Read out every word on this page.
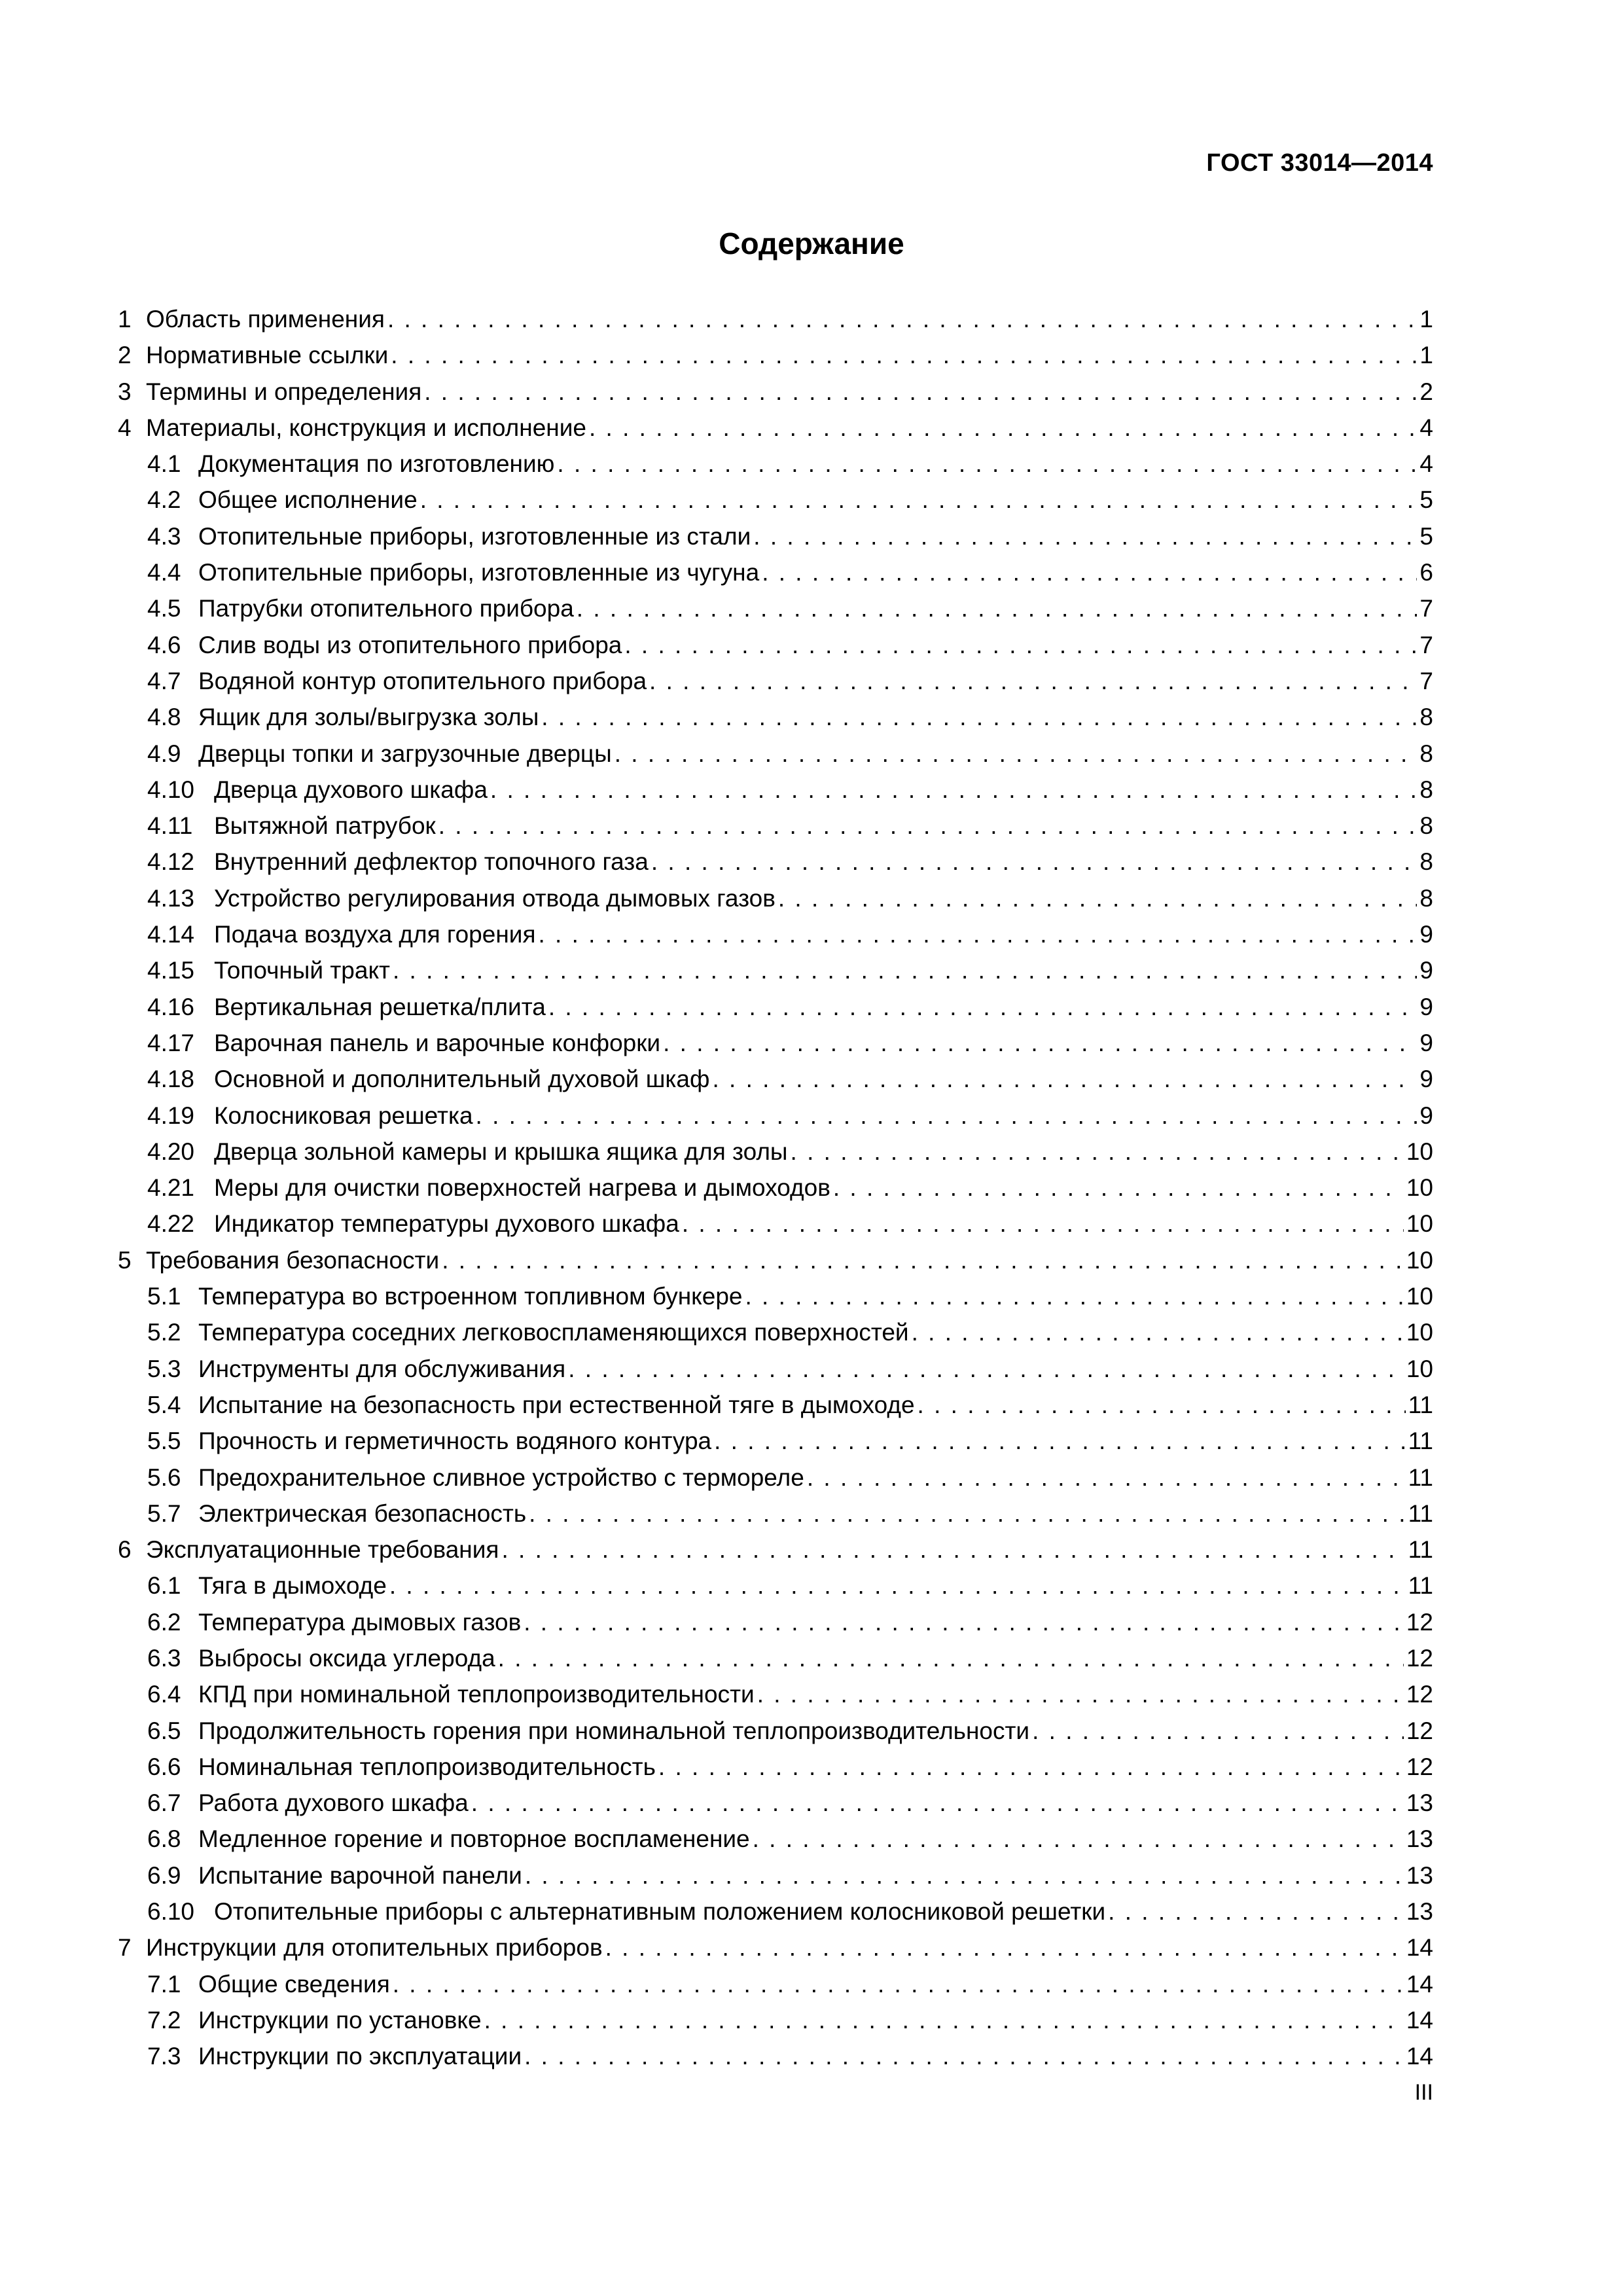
ГОСТ 33014—2014
Содержание
1 Область применения . . .	1
2 Нормативные ссылки . . .	1
3 Термины и определения . . .	2
4 Материалы, конструкция и исполнение . . .	4
4.1 Документация по изготовлению . . .	4
4.2 Общее исполнение . . .	5
4.3 Отопительные приборы, изготовленные из стали . . .	5
4.4 Отопительные приборы, изготовленные из чугуна . . .	6
4.5 Патрубки отопительного прибора . . .	7
4.6 Слив воды из отопительного прибора . . .	7
4.7 Водяной контур отопительного прибора . . .	7
4.8 Ящик для золы/выгрузка золы . . .	8
4.9 Дверцы топки и загрузочные дверцы . . .	8
4.10 Дверца духового шкафа . . .	8
4.11 Вытяжной патрубок . . .	8
4.12 Внутренний дефлектор топочного газа . . .	8
4.13 Устройство регулирования отвода дымовых газов . . .	8
4.14 Подача воздуха для горения . . .	9
4.15 Топочный тракт . . .	9
4.16 Вертикальная решетка/плита . . .	9
4.17 Варочная панель и варочные конфорки . . .	9
4.18 Основной и дополнительный духовой шкаф . . .	9
4.19 Колосниковая решетка . . .	9
4.20 Дверца зольной камеры и крышка ящика для золы . . .	10
4.21 Меры для очистки поверхностей нагрева и дымоходов . . .	10
4.22 Индикатор температуры духового шкафа . . .	10
5 Требования безопасности . . .	10
5.1 Температура во встроенном топливном бункере . . .	10
5.2 Температура соседних легковоспламеняющихся поверхностей . . .	10
5.3 Инструменты для обслуживания . . .	10
5.4 Испытание на безопасность при естественной тяге в дымоходе . . .	11
5.5 Прочность и герметичность водяного контура . . .	11
5.6 Предохранительное сливное устройство с термореле . . .	11
5.7 Электрическая безопасность . . .	11
6 Эксплуатационные требования . . .	11
6.1 Тяга в дымоходе . . .	11
6.2 Температура дымовых газов . . .	12
6.3 Выбросы оксида углерода . . .	12
6.4 КПД при номинальной теплопроизводительности . . .	12
6.5 Продолжительность горения при номинальной теплопроизводительности . . .	12
6.6 Номинальная теплопроизводительность . . .	12
6.7 Работа духового шкафа . . .	13
6.8 Медленное горение и повторное воспламенение . . .	13
6.9 Испытание варочной панели . . .	13
6.10 Отопительные приборы с альтернативным положением колосниковой решетки . . .	13
7 Инструкции для отопительных приборов . . .	14
7.1 Общие сведения . . .	14
7.2 Инструкции по установке . . .	14
7.3 Инструкции по эксплуатации . . .	14
III
